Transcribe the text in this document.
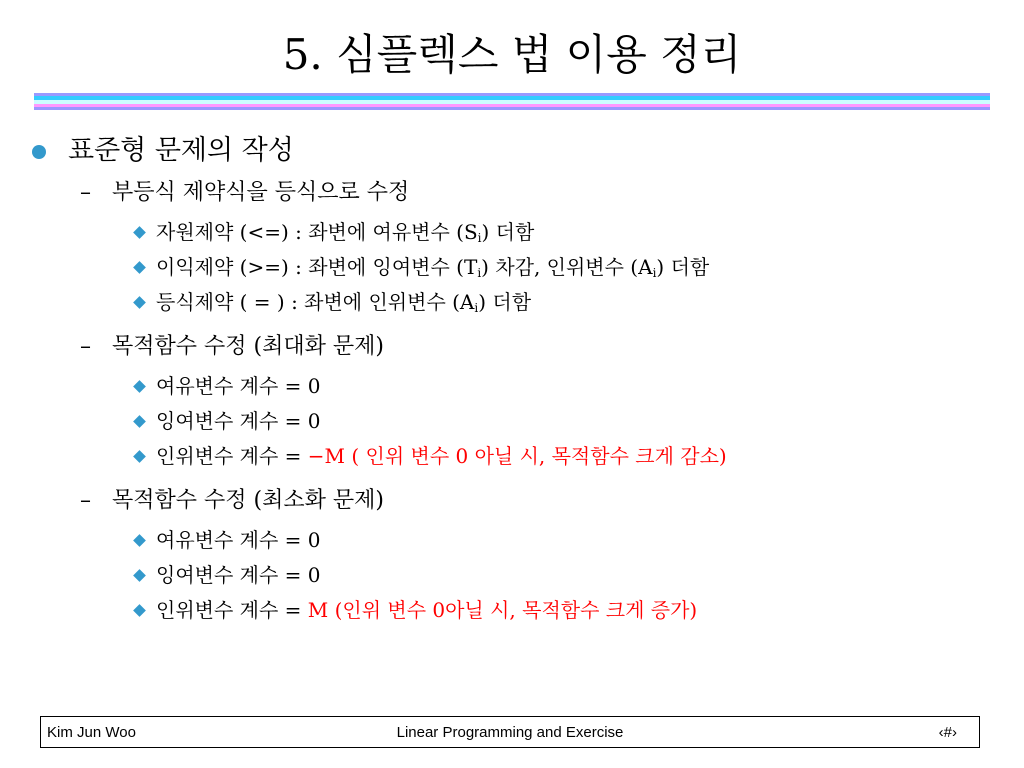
5. 심플렉스 법 이용 정리
표준형 문제의 작성
– 부등식 제약식을 등식으로 수정
자원제약 (<=) : 좌변에 여유변수 $(S_i)$ 더함
이익제약 (>=) : 좌변에 잉여변수 $(T_i)$ 차감, 인위변수 $(A_i)$ 더함
등식제약 ( = ) : 좌변에 인위변수 $(A_i)$ 더함
– 목적함수 수정 (최대화 문제)
여유변수 계수 = 0
잉여변수 계수 = 0
인위변수 계수 = −M ( 인위 변수 0 아닐 시, 목적함수 크게 감소)
– 목적함수 수정 (최소화 문제)
여유변수 계수 = 0
잉여변수 계수 = 0
인위변수 계수 = M (인위 변수 0아닐 시, 목적함수 크게 증가)
Linear Programming and Exercise
Kim Jun Woo	‹#›
